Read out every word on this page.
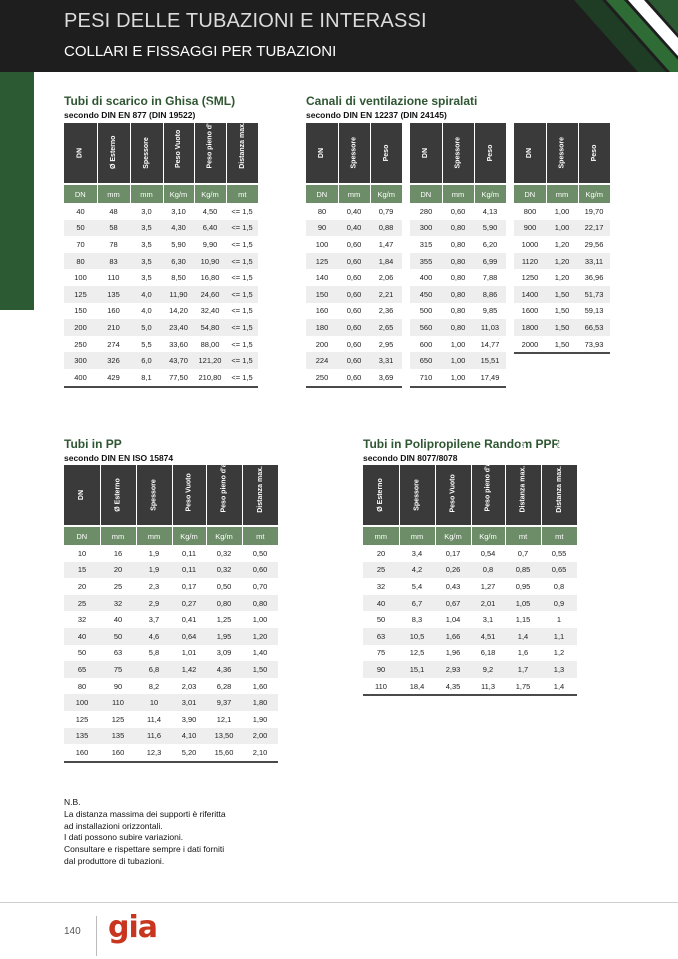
PESI DELLE TUBAZIONI E INTERASSI
COLLARI E FISSAGGI PER TUBAZIONI
Tubi di scarico in Ghisa (SML)
secondo DIN EN 877 (DIN 19522)
DN	Ø Esterno	Spessore	Peso Vuoto	Peso pieno d'acqua	Distanza max. supporti

DN	mm	mm	Kg/m	Kg/m	mt
40	48	3,0	3,10	4,50	<= 1,5
50	58	3,5	4,30	6,40	<= 1,5
70	78	3,5	5,90	9,90	<= 1,5
80	83	3,5	6,30	10,90	<= 1,5
100	110	3,5	8,50	16,80	<= 1,5
125	135	4,0	11,90	24,60	<= 1,5
150	160	4,0	14,20	32,40	<= 1,5
200	210	5,0	23,40	54,80	<= 1,5
250	274	5,5	33,60	88,00	<= 1,5
300	326	6,0	43,70	121,20	<= 1,5
400	429	8,1	77,50	210,80	<= 1,5
Canali di ventilazione spiralati
secondo DIN EN 12237 (DIN 24145)
DN	Spessore	Peso

DN	mm	Kg/m
80	0,40	0,79
90	0,40	0,88
100	0,60	1,47
125	0,60	1,84
140	0,60	2,06
150	0,60	2,21
160	0,60	2,36
180	0,60	2,65
200	0,60	2,95
224	0,60	3,31
250	0,60	3,69
DN	Spessore	Peso

DN	mm	Kg/m
280	0,60	4,13
300	0,80	5,90
315	0,80	6,20
355	0,80	6,99
400	0,80	7,88
450	0,80	8,86
500	0,80	9,85
560	0,80	11,03
600	1,00	14,77
650	1,00	15,51
710	1,00	17,49
DN	Spessore	Peso

DN	mm	Kg/m
800	1,00	19,70
900	1,00	22,17
1000	1,20	29,56
1120	1,20	33,11
1250	1,20	36,96
1400	1,50	51,73
1600	1,50	59,13
1800	1,50	66,53
2000	1,50	73,93
Tubi in PP
secondo DIN EN ISO 15874
DN	Ø Esterno	Spessore	Peso Vuoto	Peso pieno d'acqua	Distanza max. supporti Temp <20°

DN	mm	mm	Kg/m	Kg/m	mt
10	16	1,9	0,11	0,32	0,50
15	20	1,9	0,11	0,32	0,60
20	25	2,3	0,17	0,50	0,70
25	32	2,9	0,27	0,80	0,80
32	40	3,7	0,41	1,25	1,00
40	50	4,6	0,64	1,95	1,20
50	63	5,8	1,01	3,09	1,40
65	75	6,8	1,42	4,36	1,50
80	90	8,2	2,03	6,28	1,60
100	110	10	3,01	9,37	1,80
125	125	11,4	3,90	12,1	1,90
135	135	11,6	4,10	13,50	2,00
160	160	12,3	5,20	15,60	2,10
Tubi in Polipropilene Random PPR
secondo DIN 8077/8078
Ø Esterno	Spessore	Peso Vuoto	Peso pieno d'acqua	Distanza max. supporti 40°	Distanza max. supporti 70°

mm	mm	Kg/m	Kg/m	mt	mt
20	3,4	0,17	0,54	0,7	0,55
25	4,2	0,26	0,8	0,85	0,65
32	5,4	0,43	1,27	0,95	0,8
40	6,7	0,67	2,01	1,05	0,9
50	8,3	1,04	3,1	1,15	1
63	10,5	1,66	4,51	1,4	1,1
75	12,5	1,96	6,18	1,6	1,2
90	15,1	2,93	9,2	1,7	1,3
110	18,4	4,35	11,3	1,75	1,4
N.B.
La distanza massima dei supporti è riferitta
ad installazioni orizzontali.
I dati possono subire variazioni.
Consultare e rispettare sempre i dati forniti
dal produttore di tubazioni.
140 gia
